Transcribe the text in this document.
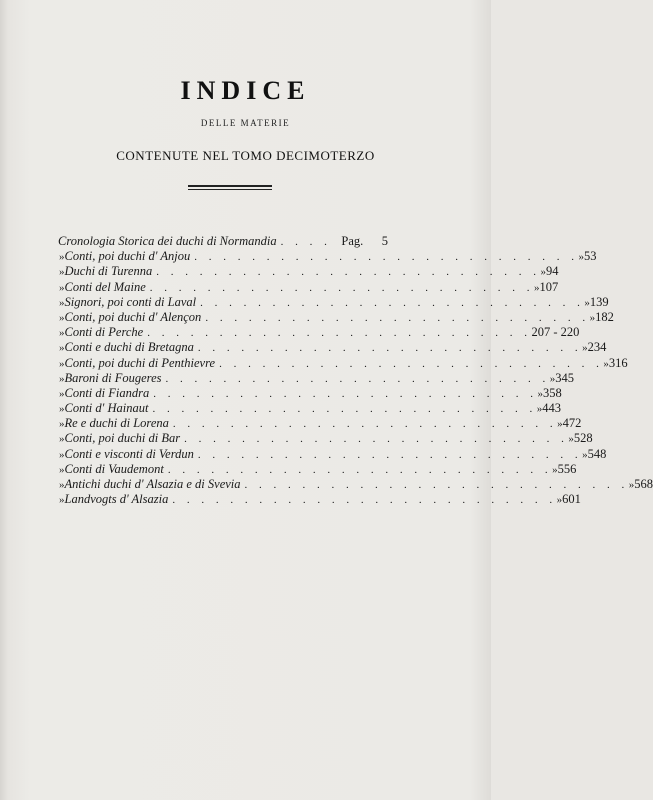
INDICE
DELLE MATERIE
CONTENUTE NEL TOMO DECIMOTERZO
Cronologia Storica dei duchi di Normandia . . . . Pag.	5
» Conti, poi duchi d' Anjou . . . . . . . . . . . . . . . . . . . . . . . . . . . » 53
» Duchi di Turenna . . . . . . . . . . . . . . . . . . . . . . . . . . . » 94
» Conti del Maine . . . . . . . . . . . . . . . . . . . . . . . . . . . » 107
» Signori, poi conti di Laval . . . . . . . . . . . . . . . . . . . . . . . . . . . » 139
» Conti, poi duchi d' Alençon . . . . . . . . . . . . . . . . . . . . . . . . . . . » 182
» Conti di Perche . . . . . . . . . . . . . . . . . . . . . . . . . . . 207 - 220
» Conti e duchi di Bretagna . . . . . . . . . . . . . . . . . . . . . . . . . . . » 234
» Conti, poi duchi di Penthievre . . . . . . . . . . . . . . . . . . . . . . . . . . . » 316
» Baroni di Fougeres . . . . . . . . . . . . . . . . . . . . . . . . . . . » 345
» Conti di Fiandra . . . . . . . . . . . . . . . . . . . . . . . . . . . » 358
» Conti d' Hainaut . . . . . . . . . . . . . . . . . . . . . . . . . . . » 443
» Re e duchi di Lorena . . . . . . . . . . . . . . . . . . . . . . . . . . . » 472
» Conti, poi duchi di Bar . . . . . . . . . . . . . . . . . . . . . . . . . . . » 528
» Conti e visconti di Verdun . . . . . . . . . . . . . . . . . . . . . . . . . . . » 548
» Conti di Vaudemont . . . . . . . . . . . . . . . . . . . . . . . . . . . » 556
» Antichi duchi d' Alsazia e di Svevia . . . . . . . . . . . . . . . . . . . . . . . . . . . » 568
» Landvogts d' Alsazia . . . . . . . . . . . . . . . . . . . . . . . . . . . » 601
